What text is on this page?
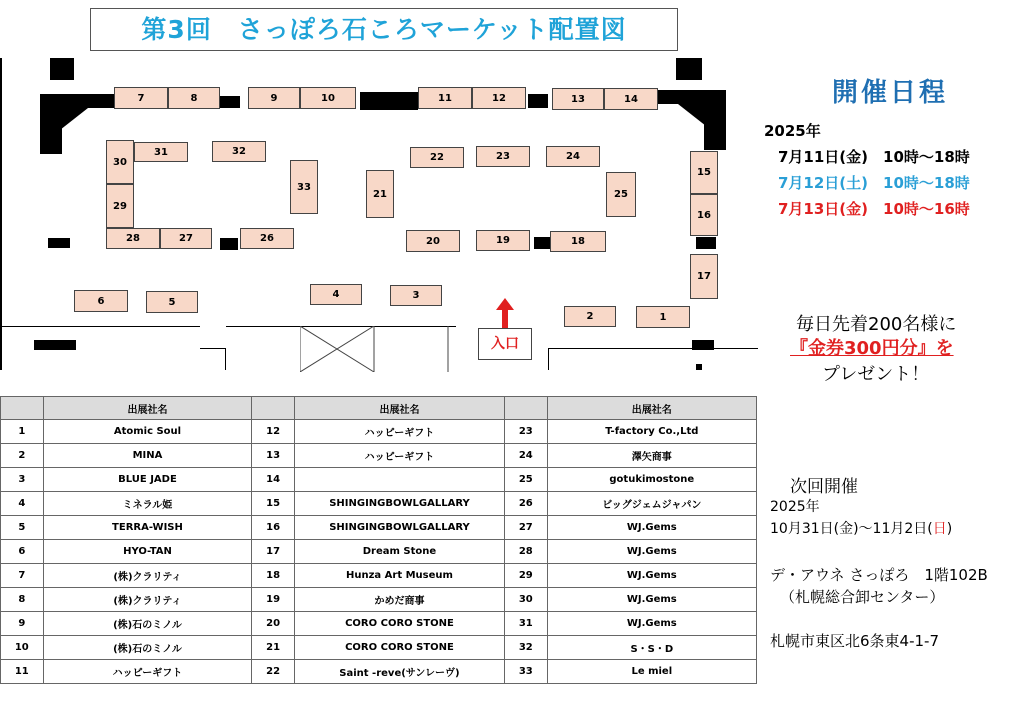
第3回　さっぽろ石ころマーケット配置図
入口
7	8	9	10	11	12	13	14
30
29
31	32
33
21
22	23	24
25
15
16
17
28	27	26	20	19	18
6	5
4	3
2	1
開催日程
2025年
7月11日(金)　10時～18時
7月12日(土)　10時～18時
7月13日(金)　10時～16時
毎日先着200名様に
『金券300円分』を
プレゼント！
	出展社名		出展社名		出展社名
1	Atomic Soul	12	ハッピーギフト	23	T-factory Co.,Ltd
2	MINA	13	ハッピーギフト	24	澤矢商事
3	BLUE JADE	14		25	gotukimostone
4	ミネラル姫	15	SHINGINGBOWLGALLARY	26	ビッグジェムジャパン
5	TERRA-WISH	16	SHINGINGBOWLGALLARY	27	WJ.Gems
6	HYO-TAN	17	Dream Stone	28	WJ.Gems
7	(株)クラリティ	18	Hunza Art Museum	29	WJ.Gems
8	(株)クラリティ	19	かめだ商事	30	WJ.Gems
9	(株)石のミノル	20	CORO CORO STONE	31	WJ.Gems
10	(株)石のミノル	21	CORO CORO STONE	32	S・S・D
11	ハッピーギフト	22	Saint -reve(サンレーヴ)	33	Le miel
次回開催
2025年
10月31日(金)～11月2日(日)
デ・アウネ さっぽろ　1階102B
（札幌総合卸センター）
札幌市東区北6条東4-1-7
